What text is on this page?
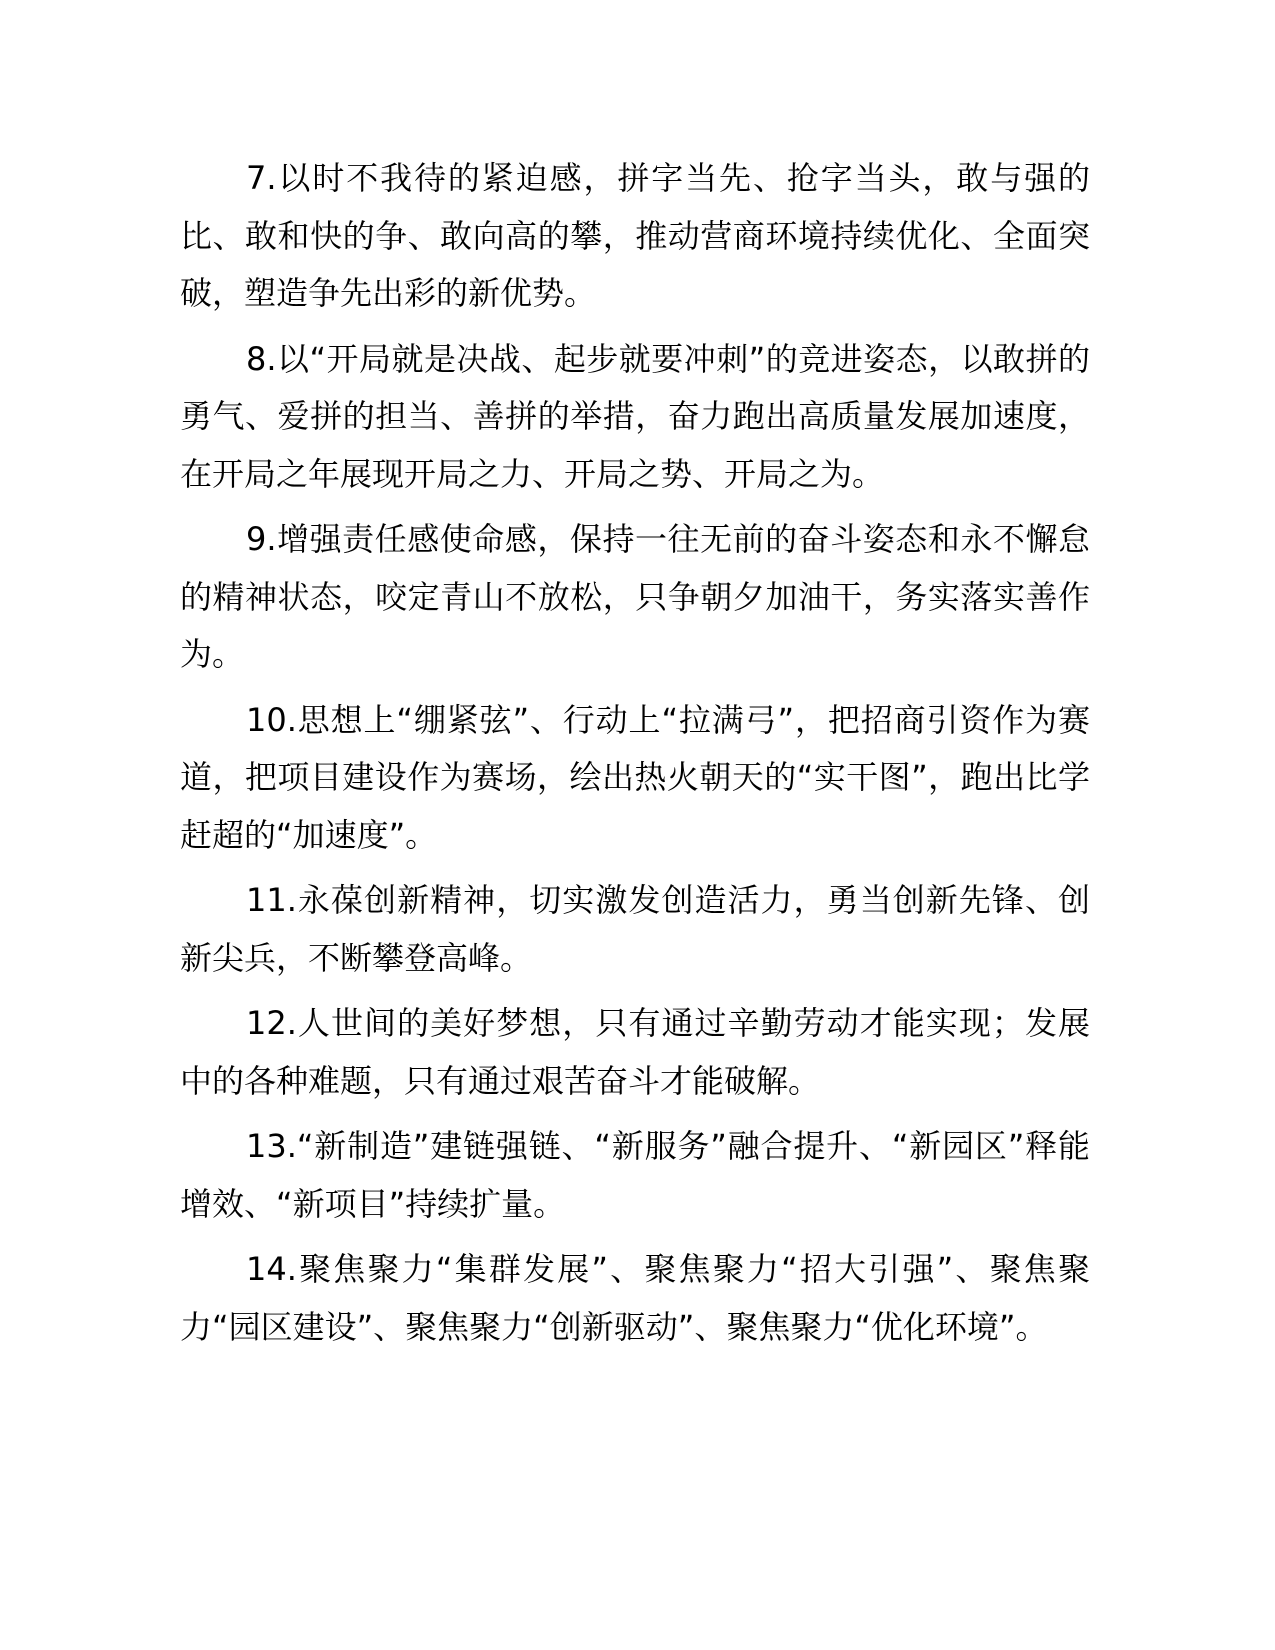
7.以时不我待的紧迫感，拼字当先、抢字当头，敢与强的比、敢和快的争、敢向高的攀，推动营商环境持续优化、全面突破，塑造争先出彩的新优势。

8.以“开局就是决战、起步就要冲刺”的竞进姿态，以敢拼的勇气、爱拼的担当、善拼的举措，奋力跑出高质量发展加速度，在开局之年展现开局之力、开局之势、开局之为。

9.增强责任感使命感，保持一往无前的奋斗姿态和永不懈怠的精神状态，咬定青山不放松，只争朝夕加油干，务实落实善作为。

10.思想上“绷紧弦”、行动上“拉满弓”，把招商引资作为赛道，把项目建设作为赛场，绘出热火朝天的“实干图”，跑出比学赶超的“加速度”。

11.永葆创新精神，切实激发创造活力，勇当创新先锋、创新尖兵，不断攀登高峰。

12.人世间的美好梦想，只有通过辛勤劳动才能实现；发展中的各种难题，只有通过艰苦奋斗才能破解。

13.“新制造”建链强链、“新服务”融合提升、“新园区”释能增效、“新项目”持续扩量。

14.聚焦聚力“集群发展”、聚焦聚力“招大引强”、聚焦聚力“园区建设”、聚焦聚力“创新驱动”、聚焦聚力“优化环境”。
